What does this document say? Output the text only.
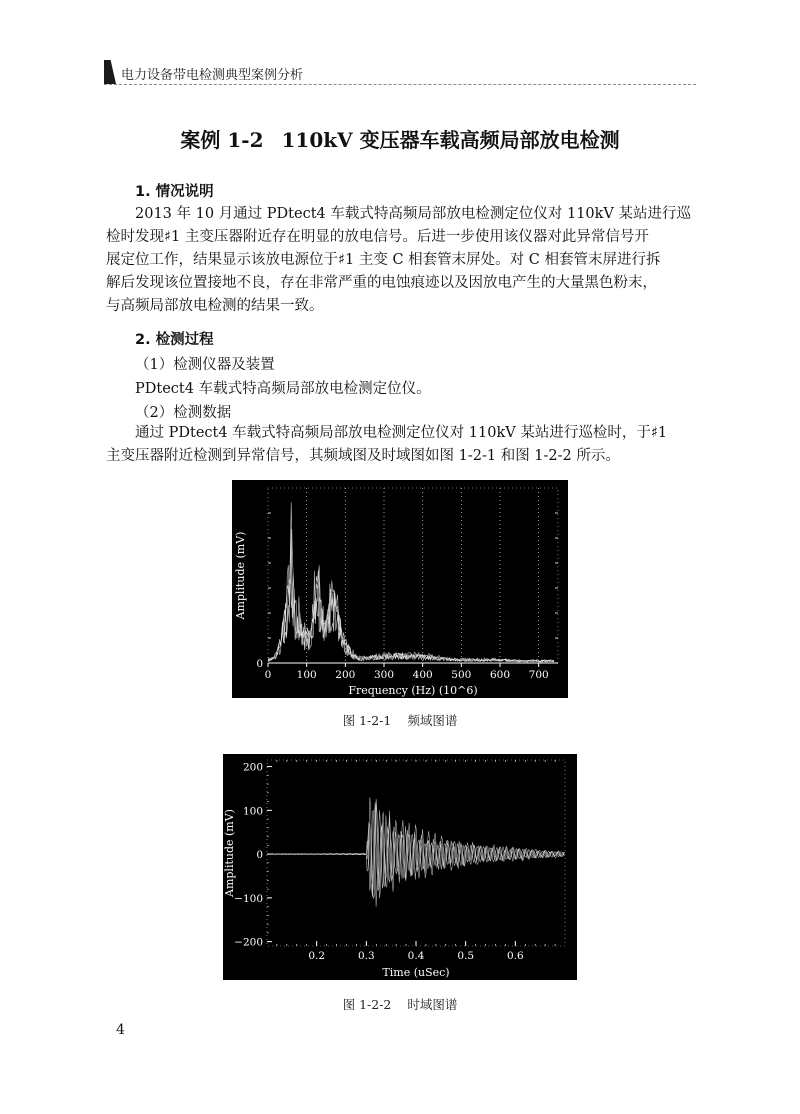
电力设备带电检测典型案例分析
案例 1-2 110kV 变压器车载高频局部放电检测
1. 情况说明
2013 年 10 月通过 PDtect4 车载式特高频局部放电检测定位仪对 110kV 某站进行巡
检时发现♯1 主变压器附近存在明显的放电信号。后进一步使用该仪器对此异常信号开
展定位工作，结果显示该放电源位于♯1 主变 C 相套管末屏处。对 C 相套管末屏进行拆
解后发现该位置接地不良，存在非常严重的电蚀痕迹以及因放电产生的大量黑色粉末，
与高频局部放电检测的结果一致。
2. 检测过程
（1）检测仪器及装置
PDtect4 车载式特高频局部放电检测定位仪。
（2）检测数据
通过 PDtect4 车载式特高频局部放电检测定位仪对 110kV 某站进行巡检时，于♯1
主变压器附近检测到异常信号，其频域图及时域图如图 1-2-1 和图 1-2-2 所示。
0 100 200 300 400 500 600 700
0
Frequency (Hz) (10^6)
Amplitude (mV)
图 1-2-1 频域图谱
0.2	0.3	0.4	0.5	0.6
200
100
0
−100
−200
Time (uSec)
Amplitude (mV)
图 1-2-2 时域图谱
4
